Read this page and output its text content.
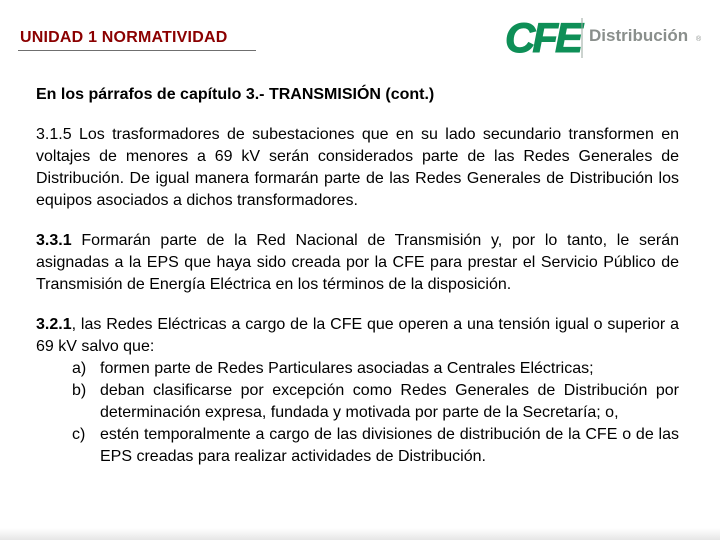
UNIDAD 1 NORMATIVIDAD	CFE Distribución ®
En los párrafos de capítulo 3.- TRANSMISIÓN (cont.)

3.1.5 Los trasformadores de subestaciones que en su lado secundario transformen en voltajes de menores a 69 kV serán considerados parte de las Redes Generales de Distribución. De igual manera formarán parte de las Redes Generales de Distribución los equipos asociados a dichos transformadores.

3.3.1 Formarán parte de la Red Nacional de Transmisión y, por lo tanto, le serán asignadas a la EPS que haya sido creada por la CFE para prestar el Servicio Público de Transmisión de Energía Eléctrica en los términos de la disposición.

3.2.1, las Redes Eléctricas a cargo de la CFE que operen a una tensión igual o superior a 69 kV salvo que:

a) formen parte de Redes Particulares asociadas a Centrales Eléctricas;
b) deban clasificarse por excepción como Redes Generales de Distribución por determinación expresa, fundada y motivada por parte de la Secretaría; o,
c) estén temporalmente a cargo de las divisiones de distribución de la CFE o de las EPS creadas para realizar actividades de Distribución.
